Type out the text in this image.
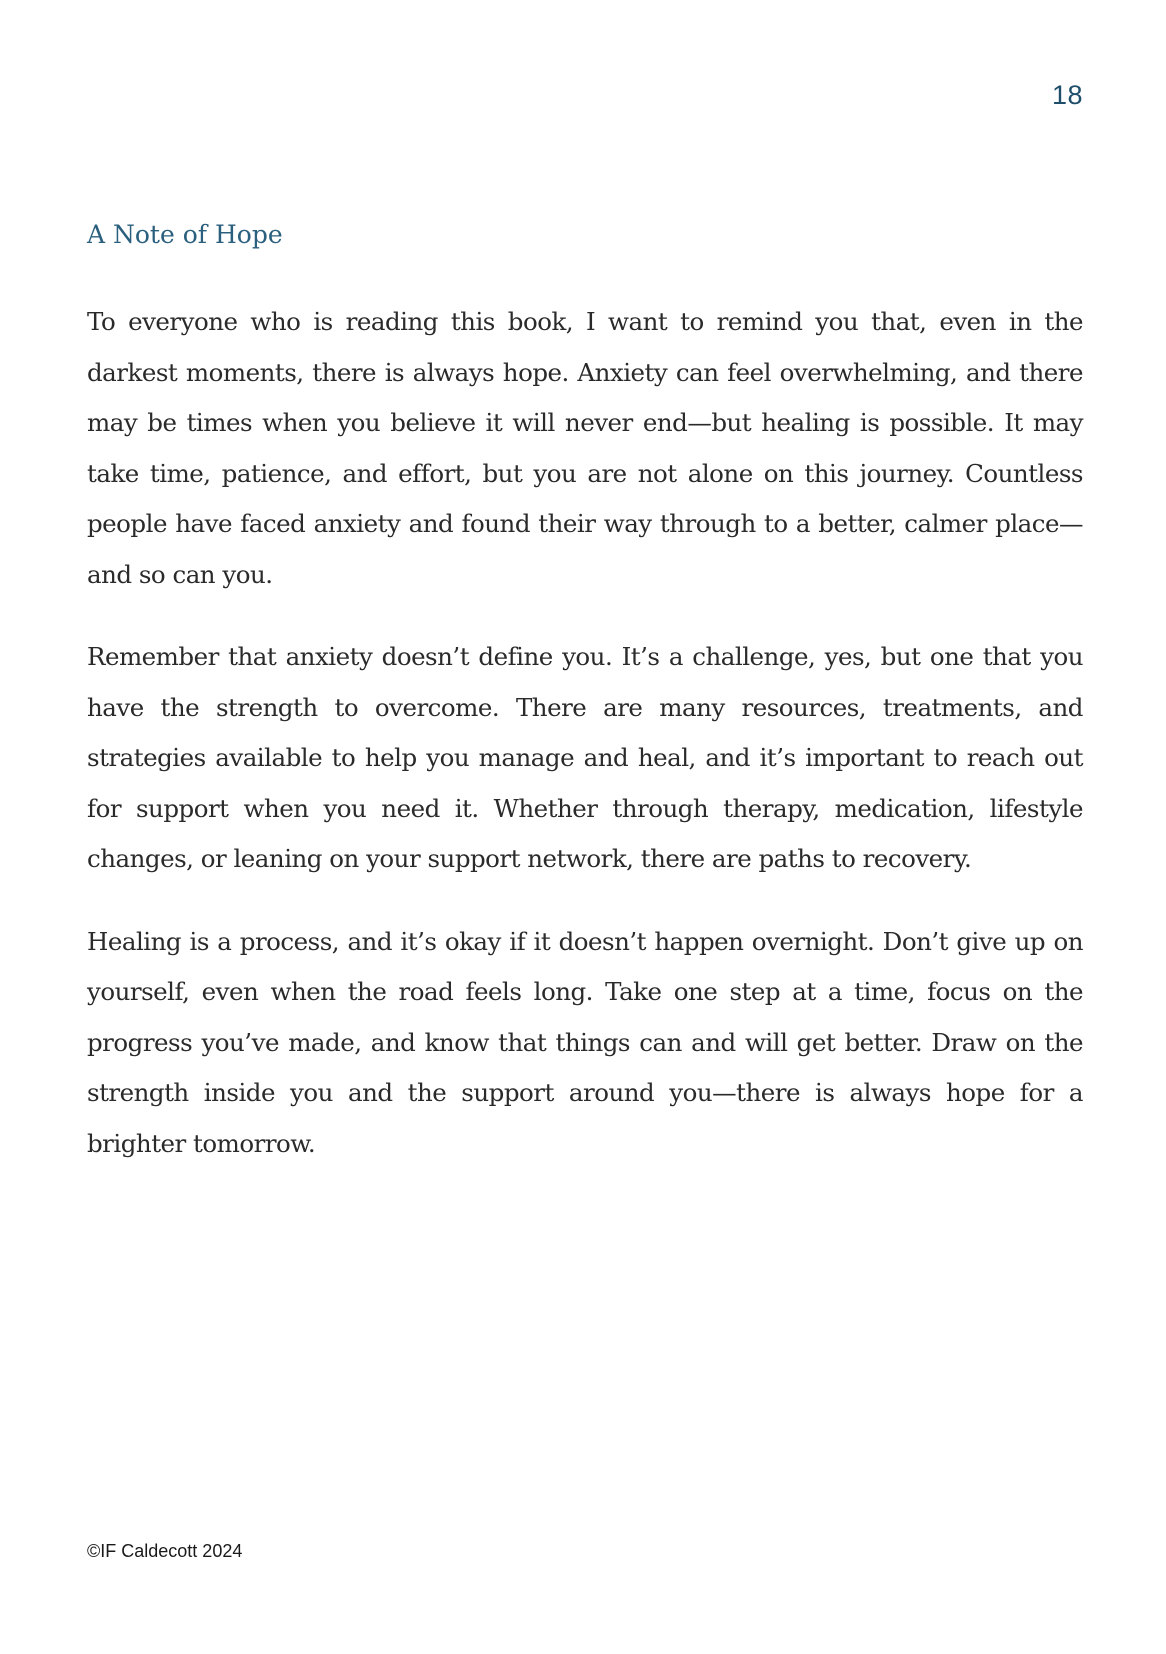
18
A Note of Hope

To everyone who is reading this book, I want to remind you that, even in the darkest moments, there is always hope. Anxiety can feel overwhelming, and there may be times when you believe it will never end—but healing is possible. It may take time, patience, and effort, but you are not alone on this journey. Countless people have faced anxiety and found their way through to a better, calmer place—and so can you.

Remember that anxiety doesn’t define you. It’s a challenge, yes, but one that you have the strength to overcome. There are many resources, treatments, and strategies available to help you manage and heal, and it’s important to reach out for support when you need it. Whether through therapy, medication, lifestyle changes, or leaning on your support network, there are paths to recovery.

Healing is a process, and it’s okay if it doesn’t happen overnight. Don’t give up on yourself, even when the road feels long. Take one step at a time, focus on the progress you’ve made, and know that things can and will get better. Draw on the strength inside you and the support around you—there is always hope for a brighter tomorrow.

©IF Caldecott 2024
